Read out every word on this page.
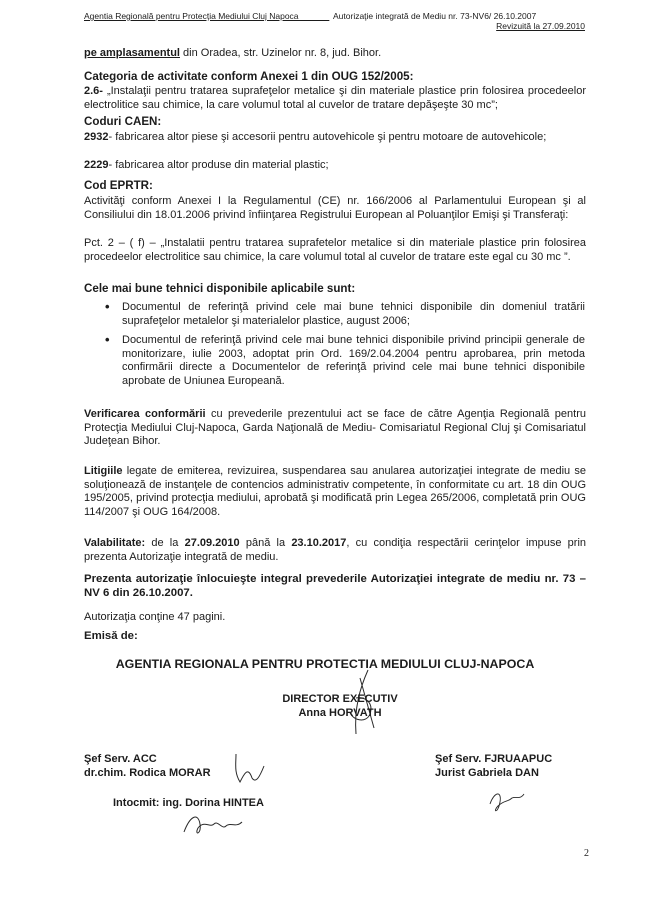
Agentia Regională pentru Protecţia Mediului Cluj Napoca ______ Autorizaţie integrată de Mediu nr. 73-NV6/ 26.10.2007
Revizuită la 27.09.2010
pe amplasamentul din Oradea, str. Uzinelor nr. 8, jud. Bihor.
Categoria de activitate conform Anexei 1 din OUG 152/2005:
2.6- „Instalaţii pentru tratarea suprafeţelor metalice şi din materiale plastice prin folosirea procedeelor electrolitice sau chimice, la care volumul total al cuvelor de tratare depăşeşte 30 mc”;
Coduri CAEN:
2932- fabricarea altor piese şi accesorii pentru autovehicole şi pentru motoare de autovehicole;
2229- fabricarea altor produse din material plastic;
Cod EPRTR:
Activităţi conform Anexei I la Regulamentul (CE) nr. 166/2006 al Parlamentului European şi al Consiliului din 18.01.2006 privind înfiinţarea Registrului European al Poluanţilor Emişi şi Transferaţi:
Pct. 2 – ( f) – „Instalatii pentru tratarea suprafetelor metalice si din materiale plastice prin folosirea procedeelor electrolitice sau chimice, la care volumul total al cuvelor de tratare este egal cu 30 mc ”.
Cele mai bune tehnici disponibile aplicabile sunt:
• Documentul de referinţă privind cele mai bune tehnici disponibile din domeniul tratării suprafeţelor metalelor şi materialelor plastice, august 2006;
• Documentul de referinţă privind cele mai bune tehnici disponibile privind principii generale de monitorizare, iulie 2003, adoptat prin Ord. 169/2.04.2004 pentru aprobarea, prin metoda confirmării directe a Documentelor de referinţă privind cele mai bune tehnici disponibile aprobate de Uniunea Europeană.
Verificarea conformării cu prevederile prezentului act se face de către Agenţia Regională pentru Protecţia Mediului Cluj-Napoca, Garda Naţională de Mediu- Comisariatul Regional Cluj şi Comisariatul Judeţean Bihor.
Litigiile legate de emiterea, revizuirea, suspendarea sau anularea autorizaţiei integrate de mediu se soluţionează de instanţele de contencios administrativ competente, în conformitate cu art. 18 din OUG 195/2005, privind protecţia mediului, aprobată şi modificată prin Legea 265/2006, completată prin OUG 114/2007 şi OUG 164/2008.
Valabilitate: de la 27.09.2010 până la 23.10.2017, cu condiţia respectării cerinţelor impuse prin prezenta Autorizaţie integrată de mediu.
Prezenta autorizaţie înlocuieşte integral prevederile Autorizaţiei integrate de mediu nr. 73 – NV 6 din 26.10.2007.
Autorizaţia conţine 47 pagini.
Emisă de:
AGENTIA REGIONALA PENTRU PROTECTIA MEDIULUI CLUJ-NAPOCA
DIRECTOR EXECUTIV
Anna HORVATH
Şef Serv. ACC
dr.chim. Rodica MORAR
Şef Serv. FJRUAAPUC
Jurist Gabriela DAN
Intocmit: ing. Dorina HINTEA
2
